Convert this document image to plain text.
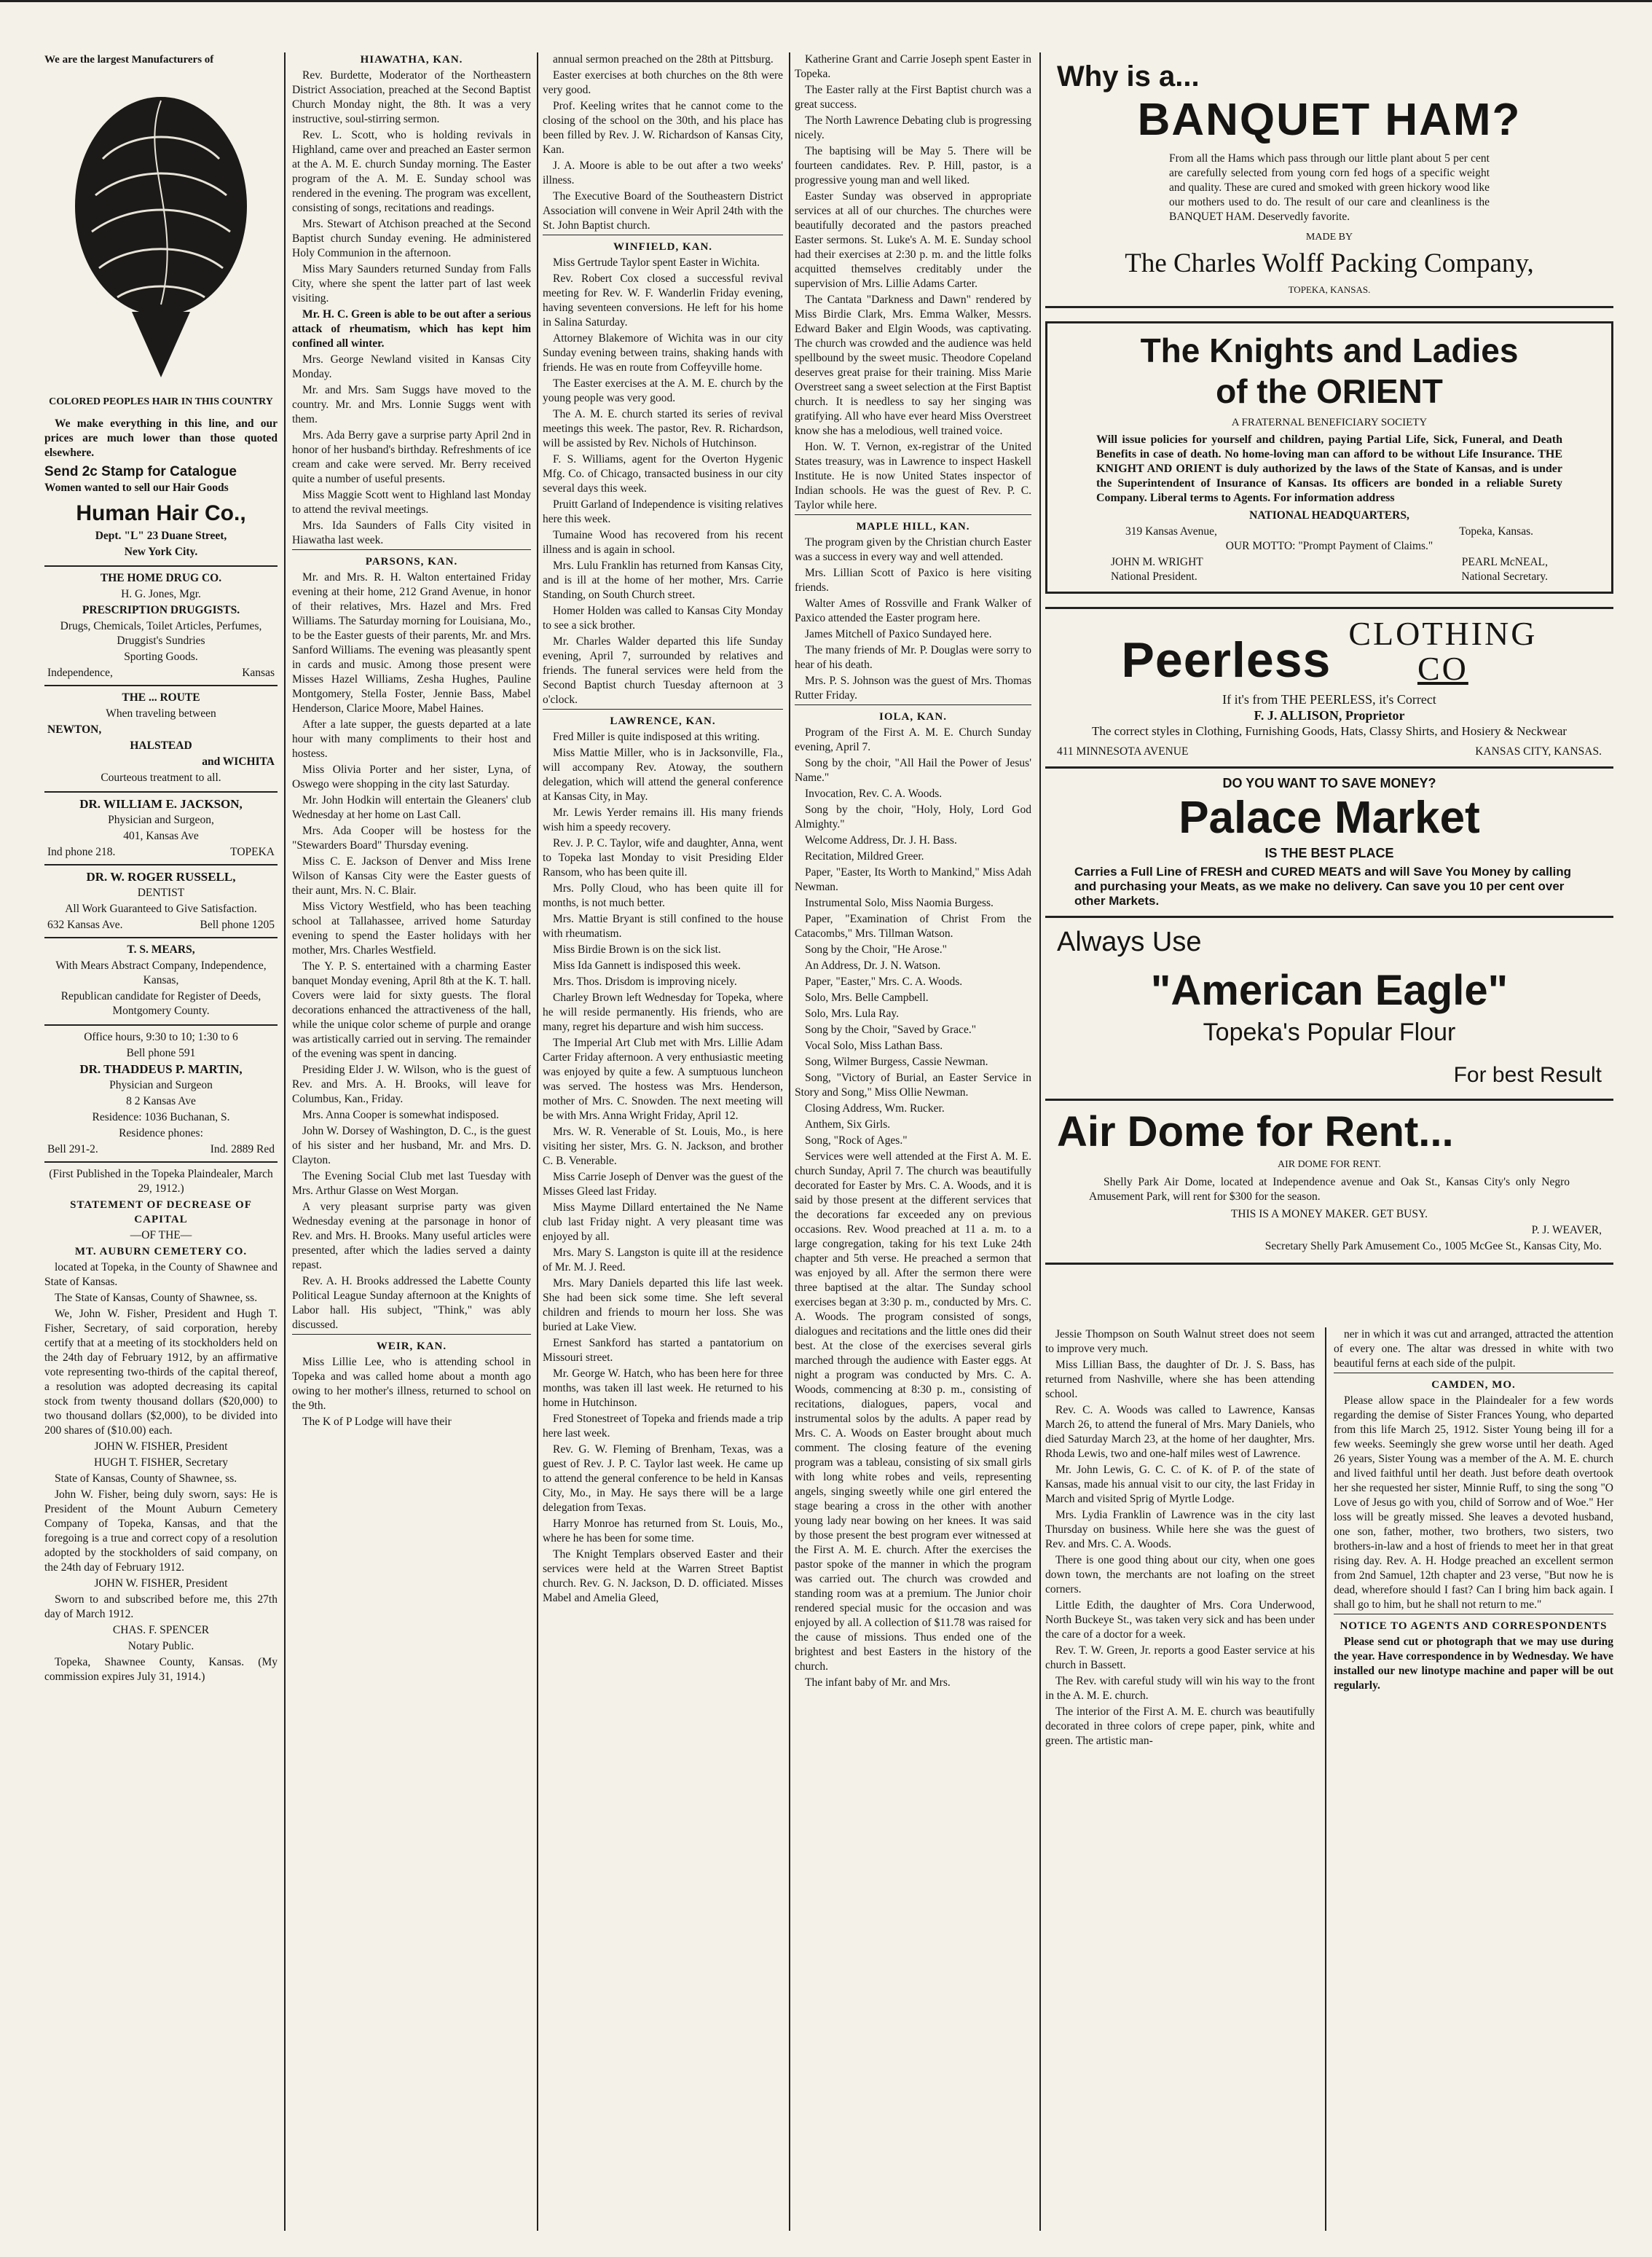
We are the largest Manufacturers of

COLORED PEOPLES HAIR IN THIS COUNTRY

We make everything in this line, and our prices are much lower than those quoted elsewhere.

Send 2c Stamp for Catalogue

Women wanted to sell our Hair Goods

Human Hair Co.,

Dept. "L" 23 Duane Street,

New York City.

THE HOME DRUG CO.

H. G. Jones, Mgr.

PRESCRIPTION DRUGGISTS.

Drugs, Chemicals, Toilet Articles, Perfumes, Druggist's Sundries

Sporting Goods.

Independence,	Kansas

THE ... ROUTE

When traveling between

NEWTON,

HALSTEAD

and WICHITA

Courteous treatment to all.

DR. WILLIAM E. JACKSON,

Physician and Surgeon,

401, Kansas Ave

Ind phone 218.	TOPEKA

DR. W. ROGER RUSSELL,

DENTIST

All Work Guaranteed to Give Satisfaction.

632 Kansas Ave.	Bell phone 1205

T. S. MEARS,

With Mears Abstract Company, Independence, Kansas,

Republican candidate for Register of Deeds, Montgomery County.

Office hours, 9:30 to 10; 1:30 to 6

Bell phone 591

DR. THADDEUS P. MARTIN,

Physician and Surgeon

8 2 Kansas Ave

Residence: 1036 Buchanan, S.

Residence phones:

Bell 291-2.	Ind. 2889 Red

(First Published in the Topeka Plaindealer, March 29, 1912.)

STATEMENT OF DECREASE OF CAPITAL

—OF THE—

MT. AUBURN CEMETERY CO.

located at Topeka, in the County of Shawnee and State of Kansas.

The State of Kansas, County of Shawnee, ss.

We, John W. Fisher, President and Hugh T. Fisher, Secretary, of said corporation, hereby certify that at a meeting of its stockholders held on the 24th day of February 1912, by an affirmative vote representing two-thirds of the capital thereof, a resolution was adopted decreasing its capital stock from twenty thousand dollars ($20,000) to two thousand dollars ($2,000), to be divided into 200 shares of ($10.00) each.

JOHN W. FISHER, President

HUGH T. FISHER, Secretary

State of Kansas, County of Shawnee, ss.

John W. Fisher, being duly sworn, says: He is President of the Mount Auburn Cemetery Company of Topeka, Kansas, and that the foregoing is a true and correct copy of a resolution adopted by the stockholders of said company, on the 24th day of February 1912.

JOHN W. FISHER, President

Sworn to and subscribed before me, this 27th day of March 1912.

CHAS. F. SPENCER

Notary Public.

Topeka, Shawnee County, Kansas. (My commission expires July 31, 1914.)

HIAWATHA, KAN.

Rev. Burdette, Moderator of the Northeastern District Association, preached at the Second Baptist Church Monday night, the 8th. It was a very instructive, soul-stirring sermon.

Rev. L. Scott, who is holding revivals in Highland, came over and preached an Easter sermon at the A. M. E. church Sunday morning. The Easter program of the A. M. E. Sunday school was rendered in the evening. The program was excellent, consisting of songs, recitations and readings.

Mrs. Stewart of Atchison preached at the Second Baptist church Sunday evening. He administered Holy Communion in the afternoon.

Miss Mary Saunders returned Sunday from Falls City, where she spent the latter part of last week visiting.

Mr. H. C. Green is able to be out after a serious attack of rheumatism, which has kept him confined all winter.

Mrs. George Newland visited in Kansas City Monday.

Mr. and Mrs. Sam Suggs have moved to the country. Mr. and Mrs. Lonnie Suggs went with them.

Mrs. Ada Berry gave a surprise party April 2nd in honor of her husband's birthday. Refreshments of ice cream and cake were served. Mr. Berry received quite a number of useful presents.

Miss Maggie Scott went to Highland last Monday to attend the revival meetings.

Mrs. Ida Saunders of Falls City visited in Hiawatha last week.

PARSONS, KAN.

Mr. and Mrs. R. H. Walton entertained Friday evening at their home, 212 Grand Avenue, in honor of their relatives, Mrs. Hazel and Mrs. Fred Williams. The Saturday morning for Louisiana, Mo., to be the Easter guests of their parents, Mr. and Mrs. Sanford Williams. The evening was pleasantly spent in cards and music. Among those present were Misses Hazel Williams, Zesha Hughes, Pauline Montgomery, Stella Foster, Jennie Bass, Mabel Henderson, Clarice Moore, Mabel Haines.

After a late supper, the guests departed at a late hour with many compliments to their host and hostess.

Miss Olivia Porter and her sister, Lyna, of Oswego were shopping in the city last Saturday.

Mr. John Hodkin will entertain the Gleaners' club Wednesday at her home on Last Call.

Mrs. Ada Cooper will be hostess for the "Stewarders Board" Thursday evening.

Miss C. E. Jackson of Denver and Miss Irene Wilson of Kansas City were the Easter guests of their aunt, Mrs. N. C. Blair.

Miss Victory Westfield, who has been teaching school at Tallahassee, arrived home Saturday evening to spend the Easter holidays with her mother, Mrs. Charles Westfield.

The Y. P. S. entertained with a charming Easter banquet Monday evening, April 8th at the K. T. hall. Covers were laid for sixty guests. The floral decorations enhanced the attractiveness of the hall, while the unique color scheme of purple and orange was artistically carried out in serving. The remainder of the evening was spent in dancing.

Presiding Elder J. W. Wilson, who is the guest of Rev. and Mrs. A. H. Brooks, will leave for Columbus, Kan., Friday.

Mrs. Anna Cooper is somewhat indisposed.

John W. Dorsey of Washington, D. C., is the guest of his sister and her husband, Mr. and Mrs. D. Clayton.

The Evening Social Club met last Tuesday with Mrs. Arthur Glasse on West Morgan.

A very pleasant surprise party was given Wednesday evening at the parsonage in honor of Rev. and Mrs. H. Brooks. Many useful articles were presented, after which the ladies served a dainty repast.

Rev. A. H. Brooks addressed the Labette County Political League Sunday afternoon at the Knights of Labor hall. His subject, "Think," was ably discussed.

WEIR, KAN.

Miss Lillie Lee, who is attending school in Topeka and was called home about a month ago owing to her mother's illness, returned to school on the 9th.

The K of P Lodge will have their

annual sermon preached on the 28th at Pittsburg.

Easter exercises at both churches on the 8th were very good.

Prof. Keeling writes that he cannot come to the closing of the school on the 30th, and his place has been filled by Rev. J. W. Richardson of Kansas City, Kan.

J. A. Moore is able to be out after a two weeks' illness.

The Executive Board of the Southeastern District Association will convene in Weir April 24th with the St. John Baptist church.

WINFIELD, KAN.

Miss Gertrude Taylor spent Easter in Wichita.

Rev. Robert Cox closed a successful revival meeting for Rev. W. F. Wanderlin Friday evening, having seventeen conversions. He left for his home in Salina Saturday.

Attorney Blakemore of Wichita was in our city Sunday evening between trains, shaking hands with friends. He was en route from Coffeyville home.

The Easter exercises at the A. M. E. church by the young people was very good.

The A. M. E. church started its series of revival meetings this week. The pastor, Rev. R. Richardson, will be assisted by Rev. Nichols of Hutchinson.

F. S. Williams, agent for the Overton Hygenic Mfg. Co. of Chicago, transacted business in our city several days this week.

Pruitt Garland of Independence is visiting relatives here this week.

Tumaine Wood has recovered from his recent illness and is again in school.

Mrs. Lulu Franklin has returned from Kansas City, and is ill at the home of her mother, Mrs. Carrie Standing, on South Church street.

Homer Holden was called to Kansas City Monday to see a sick brother.

Mr. Charles Walder departed this life Sunday evening, April 7, surrounded by relatives and friends. The funeral services were held from the Second Baptist church Tuesday afternoon at 3 o'clock.

LAWRENCE, KAN.

Fred Miller is quite indisposed at this writing.

Miss Mattie Miller, who is in Jacksonville, Fla., will accompany Rev. Atoway, the southern delegation, which will attend the general conference at Kansas City, in May.

Mr. Lewis Yerder remains ill. His many friends wish him a speedy recovery.

Rev. J. P. C. Taylor, wife and daughter, Anna, went to Topeka last Monday to visit Presiding Elder Ransom, who has been quite ill.

Mrs. Polly Cloud, who has been quite ill for months, is not much better.

Mrs. Mattie Bryant is still confined to the house with rheumatism.

Miss Birdie Brown is on the sick list.

Miss Ida Gannett is indisposed this week.

Mrs. Thos. Drisdom is improving nicely.

Charley Brown left Wednesday for Topeka, where he will reside permanently. His friends, who are many, regret his departure and wish him success.

The Imperial Art Club met with Mrs. Lillie Adam Carter Friday afternoon. A very enthusiastic meeting was enjoyed by quite a few. A sumptuous luncheon was served. The hostess was Mrs. Henderson, mother of Mrs. C. Snowden. The next meeting will be with Mrs. Anna Wright Friday, April 12.

Mrs. W. R. Venerable of St. Louis, Mo., is here visiting her sister, Mrs. G. N. Jackson, and brother C. B. Venerable.

Miss Carrie Joseph of Denver was the guest of the Misses Gleed last Friday.

Miss Mayme Dillard entertained the Ne Name club last Friday night. A very pleasant time was enjoyed by all.

Mrs. Mary S. Langston is quite ill at the residence of Mr. M. J. Reed.

Mrs. Mary Daniels departed this life last week. She had been sick some time. She left several children and friends to mourn her loss. She was buried at Lake View.

Ernest Sankford has started a pantatorium on Missouri street.

Mr. George W. Hatch, who has been here for three months, was taken ill last week. He returned to his home in Hutchinson.

Fred Stonestreet of Topeka and friends made a trip here last week.

Rev. G. W. Fleming of Brenham, Texas, was a guest of Rev. J. P. C. Taylor last week. He came up to attend the general conference to be held in Kansas City, Mo., in May. He says there will be a large delegation from Texas.

Harry Monroe has returned from St. Louis, Mo., where he has been for some time.

The Knight Templars observed Easter and their services were held at the Warren Street Baptist church. Rev. G. N. Jackson, D. D. officiated. Misses Mabel and Amelia Gleed,

Katherine Grant and Carrie Joseph spent Easter in Topeka.

The Easter rally at the First Baptist church was a great success.

The North Lawrence Debating club is progressing nicely.

The baptising will be May 5. There will be fourteen candidates. Rev. P. Hill, pastor, is a progressive young man and well liked.

Easter Sunday was observed in appropriate services at all of our churches. The churches were beautifully decorated and the pastors preached Easter sermons. St. Luke's A. M. E. Sunday school had their exercises at 2:30 p. m. and the little folks acquitted themselves creditably under the supervision of Mrs. Lillie Adams Carter.

The Cantata "Darkness and Dawn" rendered by Miss Birdie Clark, Mrs. Emma Walker, Messrs. Edward Baker and Elgin Woods, was captivating. The church was crowded and the audience was held spellbound by the sweet music. Theodore Copeland deserves great praise for their training. Miss Marie Overstreet sang a sweet selection at the First Baptist church. It is needless to say her singing was gratifying. All who have ever heard Miss Overstreet know she has a melodious, well trained voice.

Hon. W. T. Vernon, ex-registrar of the United States treasury, was in Lawrence to inspect Haskell Institute. He is now United States inspector of Indian schools. He was the guest of Rev. P. C. Taylor while here.

MAPLE HILL, KAN.

The program given by the Christian church Easter was a success in every way and well attended.

Mrs. Lillian Scott of Paxico is here visiting friends.

Walter Ames of Rossville and Frank Walker of Paxico attended the Easter program here.

James Mitchell of Paxico Sundayed here.

The many friends of Mr. P. Douglas were sorry to hear of his death.

Mrs. P. S. Johnson was the guest of Mrs. Thomas Rutter Friday.

IOLA, KAN.

Program of the First A. M. E. Church Sunday evening, April 7.

Song by the choir, "All Hail the Power of Jesus' Name."

Invocation, Rev. C. A. Woods.

Song by the choir, "Holy, Holy, Lord God Almighty."

Welcome Address, Dr. J. H. Bass.

Recitation, Mildred Greer.

Paper, "Easter, Its Worth to Mankind," Miss Adah Newman.

Instrumental Solo, Miss Naomia Burgess.

Paper, "Examination of Christ From the Catacombs," Mrs. Tillman Watson.

Song by the Choir, "He Arose."

An Address, Dr. J. N. Watson.

Paper, "Easter," Mrs. C. A. Woods.

Solo, Mrs. Belle Campbell.

Solo, Mrs. Lula Ray.

Song by the Choir, "Saved by Grace."

Vocal Solo, Miss Lathan Bass.

Song, Wilmer Burgess, Cassie Newman.

Song, "Victory of Burial, an Easter Service in Story and Song," Miss Ollie Newman.

Closing Address, Wm. Rucker.

Anthem, Six Girls.

Song, "Rock of Ages."

Services were well attended at the First A. M. E. church Sunday, April 7. The church was beautifully decorated for Easter by Mrs. C. A. Woods, and it is said by those present at the different services that the decorations far exceeded any on previous occasions. Rev. Wood preached at 11 a. m. to a large congregation, taking for his text Luke 24th chapter and 5th verse. He preached a sermon that was enjoyed by all. After the sermon there were three baptised at the altar. The Sunday school exercises began at 3:30 p. m., conducted by Mrs. C. A. Woods. The program consisted of songs, dialogues and recitations and the little ones did their best. At the close of the exercises several girls marched through the audience with Easter eggs. At night a program was conducted by Mrs. C. A. Woods, commencing at 8:30 p. m., consisting of recitations, dialogues, papers, vocal and instrumental solos by the adults. A paper read by Mrs. C. A. Woods on Easter brought about much comment. The closing feature of the evening program was a tableau, consisting of six small girls with long white robes and veils, representing angels, singing sweetly while one girl entered the stage bearing a cross in the other with another young lady near bowing on her knees. It was said by those present the best program ever witnessed at the First A. M. E. church. After the exercises the pastor spoke of the manner in which the program was carried out. The church was crowded and standing room was at a premium. The Junior choir rendered special music for the occasion and was enjoyed by all. A collection of $11.78 was raised for the cause of missions. Thus ended one of the brightest and best Easters in the history of the church.

The infant baby of Mr. and Mrs.

Why is a...

BANQUET HAM?

From all the Hams which pass through our little plant about 5 per cent are carefully selected from young corn fed hogs of a specific weight and quality. These are cured and smoked with green hickory wood like our mothers used to do. The result of our care and cleanliness is the BANQUET HAM. Deservedly favorite.

MADE BY

The Charles Wolff Packing Company,

TOPEKA, KANSAS.

The Knights and Ladies

of the ORIENT

A FRATERNAL BENEFICIARY SOCIETY

Will issue policies for yourself and children, paying Partial Life, Sick, Funeral, and Death Benefits in case of death. No home-loving man can afford to be without Life Insurance. THE KNIGHT AND ORIENT is duly authorized by the laws of the State of Kansas, and is under the Superintendent of Insurance of Kansas. Its officers are bonded in a reliable Surety Company. Liberal terms to Agents. For information address

NATIONAL HEADQUARTERS,

319 Kansas Avenue,	Topeka, Kansas.

OUR MOTTO: "Prompt Payment of Claims."

JOHN M. WRIGHT	PEARL McNEAL,
National President.	National Secretary.
Peerless CLOTHING
CO

If it's from THE PEERLESS, it's Correct

F. J. ALLISON, Proprietor

The correct styles in Clothing, Furnishing Goods, Hats, Classy Shirts, and Hosiery & Neckwear

411 MINNESOTA AVENUE	KANSAS CITY, KANSAS.

DO YOU WANT TO SAVE MONEY?

Palace Market

IS THE BEST PLACE

Carries a Full Line of FRESH and CURED MEATS and will Save You Money by calling and purchasing your Meats, as we make no delivery. Can save you 10 per cent over other Markets.

Always Use

"American Eagle"

Topeka's Popular Flour

For best Result

Air Dome for Rent...

AIR DOME FOR RENT.

Shelly Park Air Dome, located at Independence avenue and Oak St., Kansas City's only Negro Amusement Park, will rent for $300 for the season.

THIS IS A MONEY MAKER. GET BUSY.

P. J. WEAVER,

Secretary Shelly Park Amusement Co., 1005 McGee St., Kansas City, Mo.

Jessie Thompson on South Walnut street does not seem to improve very much.

Miss Lillian Bass, the daughter of Dr. J. S. Bass, has returned from Nashville, where she has been attending school.

Rev. C. A. Woods was called to Lawrence, Kansas March 26, to attend the funeral of Mrs. Mary Daniels, who died Saturday March 23, at the home of her daughter, Mrs. Rhoda Lewis, two and one-half miles west of Lawrence.

Mr. John Lewis, G. C. C. of K. of P. of the state of Kansas, made his annual visit to our city, the last Friday in March and visited Sprig of Myrtle Lodge.

Mrs. Lydia Franklin of Lawrence was in the city last Thursday on business. While here she was the guest of Rev. and Mrs. C. A. Woods.

There is one good thing about our city, when one goes down town, the merchants are not loafing on the street corners.

Little Edith, the daughter of Mrs. Cora Underwood, North Buckeye St., was taken very sick and has been under the care of a doctor for a week.

Rev. T. W. Green, Jr. reports a good Easter service at his church in Bassett.

The Rev. with careful study will win his way to the front in the A. M. E. church.

The interior of the First A. M. E. church was beautifully decorated in three colors of crepe paper, pink, white and green. The artistic man-

ner in which it was cut and arranged, attracted the attention of every one. The altar was dressed in white with two beautiful ferns at each side of the pulpit.

CAMDEN, MO.

Please allow space in the Plaindealer for a few words regarding the demise of Sister Frances Young, who departed from this life March 25, 1912. Sister Young being ill for a few weeks. Seemingly she grew worse until her death. Aged 26 years, Sister Young was a member of the A. M. E. church and lived faithful until her death. Just before death overtook her she requested her sister, Minnie Ruff, to sing the song "O Love of Jesus go with you, child of Sorrow and of Woe." Her loss will be greatly missed. She leaves a devoted husband, one son, father, mother, two brothers, two sisters, two brothers-in-law and a host of friends to meet her in that great rising day. Rev. A. H. Hodge preached an excellent sermon from 2nd Samuel, 12th chapter and 23 verse, "But now he is dead, wherefore should I fast? Can I bring him back again. I shall go to him, but he shall not return to me."

NOTICE TO AGENTS AND CORRESPONDENTS

Please send cut or photograph that we may use during the year. Have correspondence in by Wednesday. We have installed our new linotype machine and paper will be out regularly.
